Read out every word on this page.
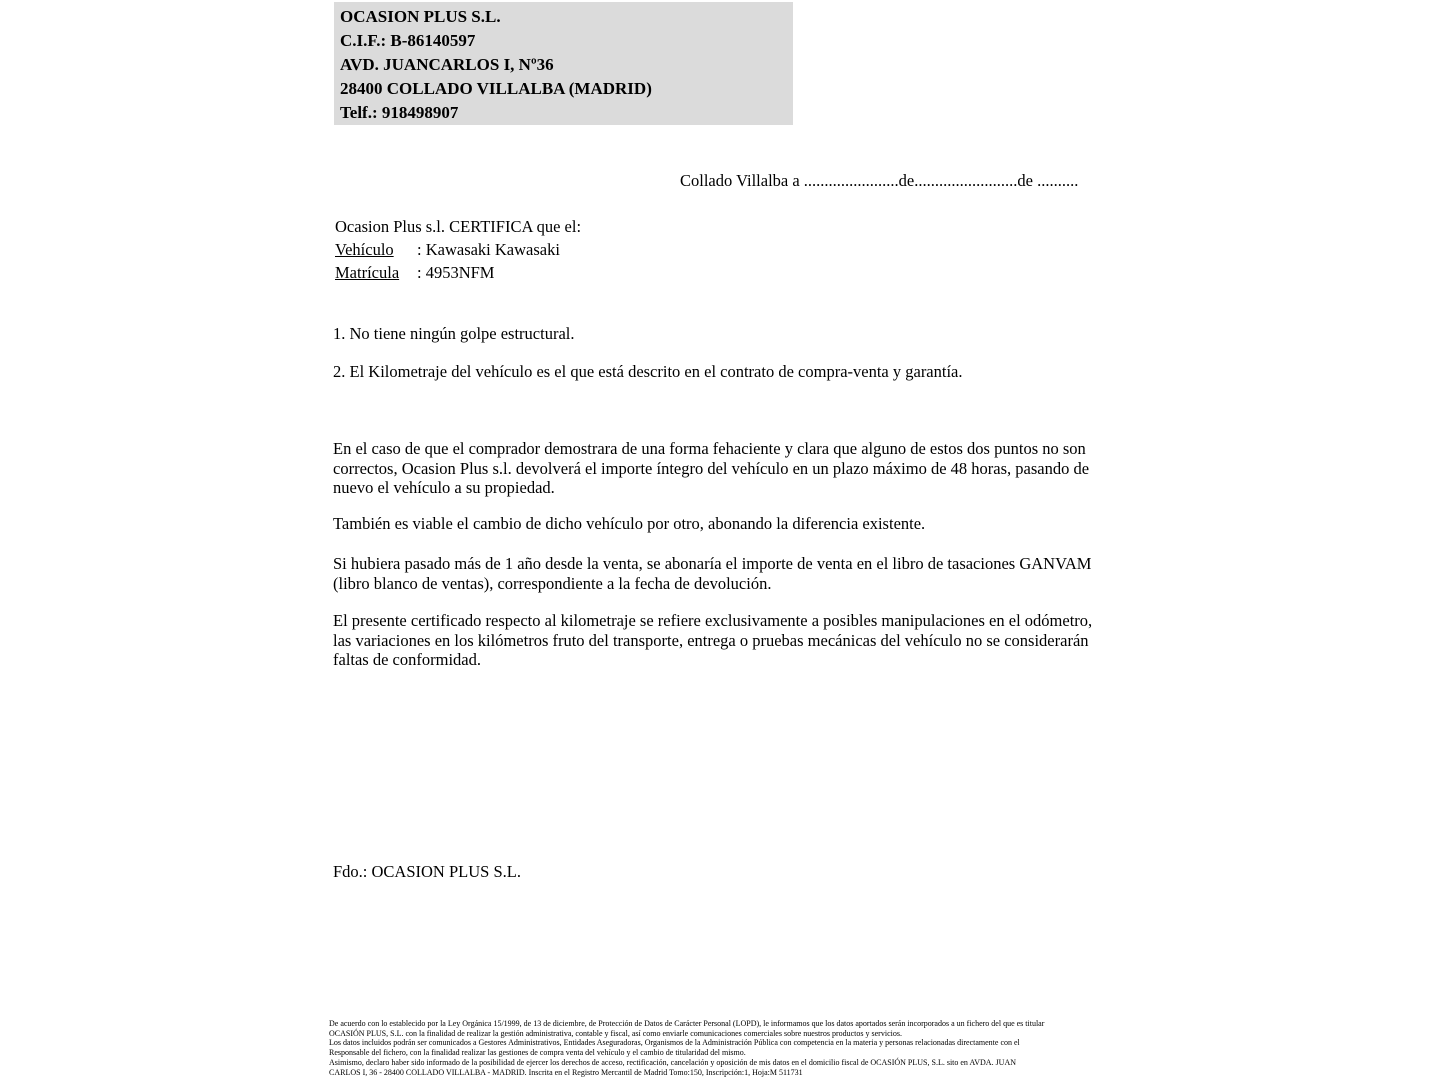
OCASION PLUS S.L.
C.I.F.: B-86140597
AVD. JUANCARLOS I, Nº36
28400 COLLADO VILLALBA (MADRID)
Telf.: 918498907
Collado Villalba a .......................de.........................de ..........
Ocasion Plus s.l. CERTIFICA que el:
Vehículo : Kawasaki Kawasaki
Matrícula : 4953NFM
1. No tiene ningún golpe estructural.
2. El Kilometraje del vehículo es el que está descrito en el contrato de compra-venta y garantía.
En el caso de que el comprador demostrara de una forma fehaciente y clara que alguno de estos dos puntos no son correctos, Ocasion Plus s.l. devolverá el importe íntegro del vehículo en un plazo máximo de 48 horas, pasando de nuevo el vehículo a su propiedad.
También es viable el cambio de dicho vehículo por otro, abonando la diferencia existente.
Si hubiera pasado más de 1 año desde la venta, se abonaría el importe de venta en el libro de tasaciones GANVAM (libro blanco de ventas), correspondiente a la fecha de devolución.
El presente certificado respecto al kilometraje se refiere exclusivamente a posibles manipulaciones en el odómetro, las variaciones en los kilómetros fruto del transporte, entrega o pruebas mecánicas del vehículo no se considerarán faltas de conformidad.
Fdo.: OCASION PLUS S.L.
De acuerdo con lo establecido por la Ley Orgánica 15/1999, de 13 de diciembre, de Protección de Datos de Carácter Personal (LOPD), le informamos que los datos aportados serán incorporados a un fichero del que es titular
OCASIÓN PLUS, S.L. con la finalidad de realizar la gestión administrativa, contable y fiscal, así como enviarle comunicaciones comerciales sobre nuestros productos y servicios.
Los datos incluidos podrán ser comunicados a Gestores Administrativos, Entidades Aseguradoras, Organismos de la Administración Pública con competencia en la materia y personas relacionadas directamente con el
Responsable del fichero, con la finalidad realizar las gestiones de compra venta del vehículo y el cambio de titularidad del mismo.
Asimismo, declaro haber sido informado de la posibilidad de ejercer los derechos de acceso, rectificación, cancelación y oposición de mis datos en el domicilio fiscal de OCASIÓN PLUS, S.L. sito en AVDA. JUAN
CARLOS I, 36 - 28400 COLLADO VILLALBA - MADRID. Inscrita en el Registro Mercantil de Madrid Tomo:150, Inscripción:1, Hoja:M 511731
